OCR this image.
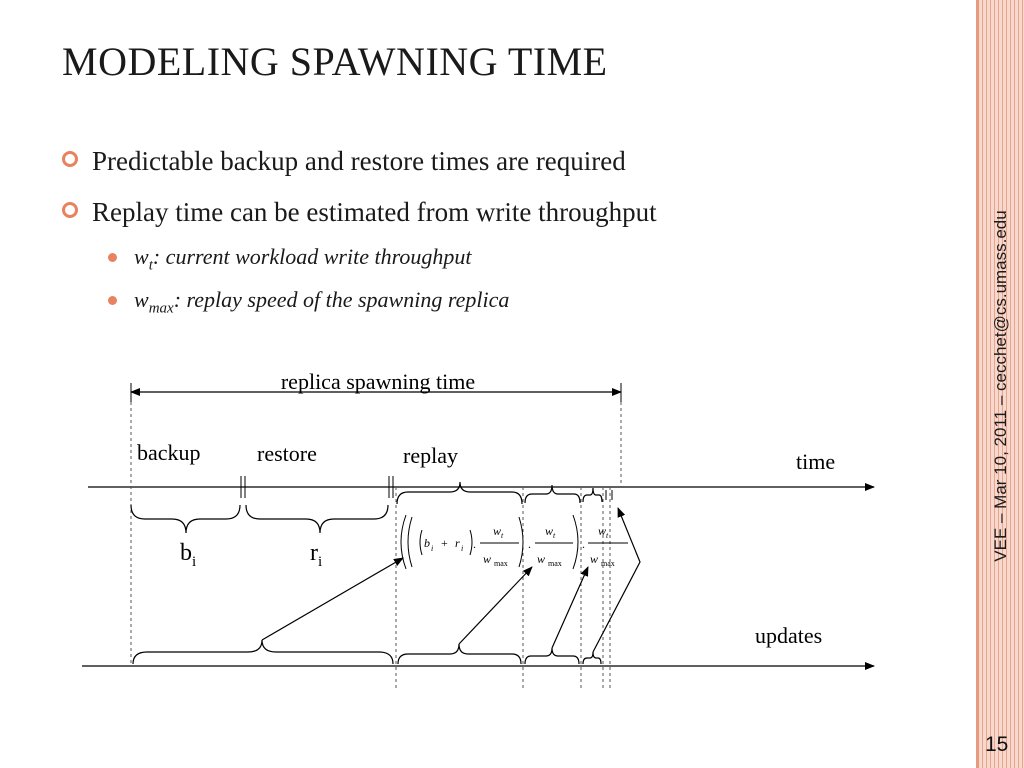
VEE – Mar 10, 2011 – cecchet@cs.umass.edu
15
MODELING SPAWNING TIME
Predictable backup and restore times are required
Replay time can be estimated from write throughput
$w_t$: current workload write throughput
$w_{max}$: replay speed of the spawning replica
replica spawning time
backup	restore	replay	time
updates
$b_i$	$r_i$
b i + r i .
w t
w max
.
w t
w max
.
w t
w max
